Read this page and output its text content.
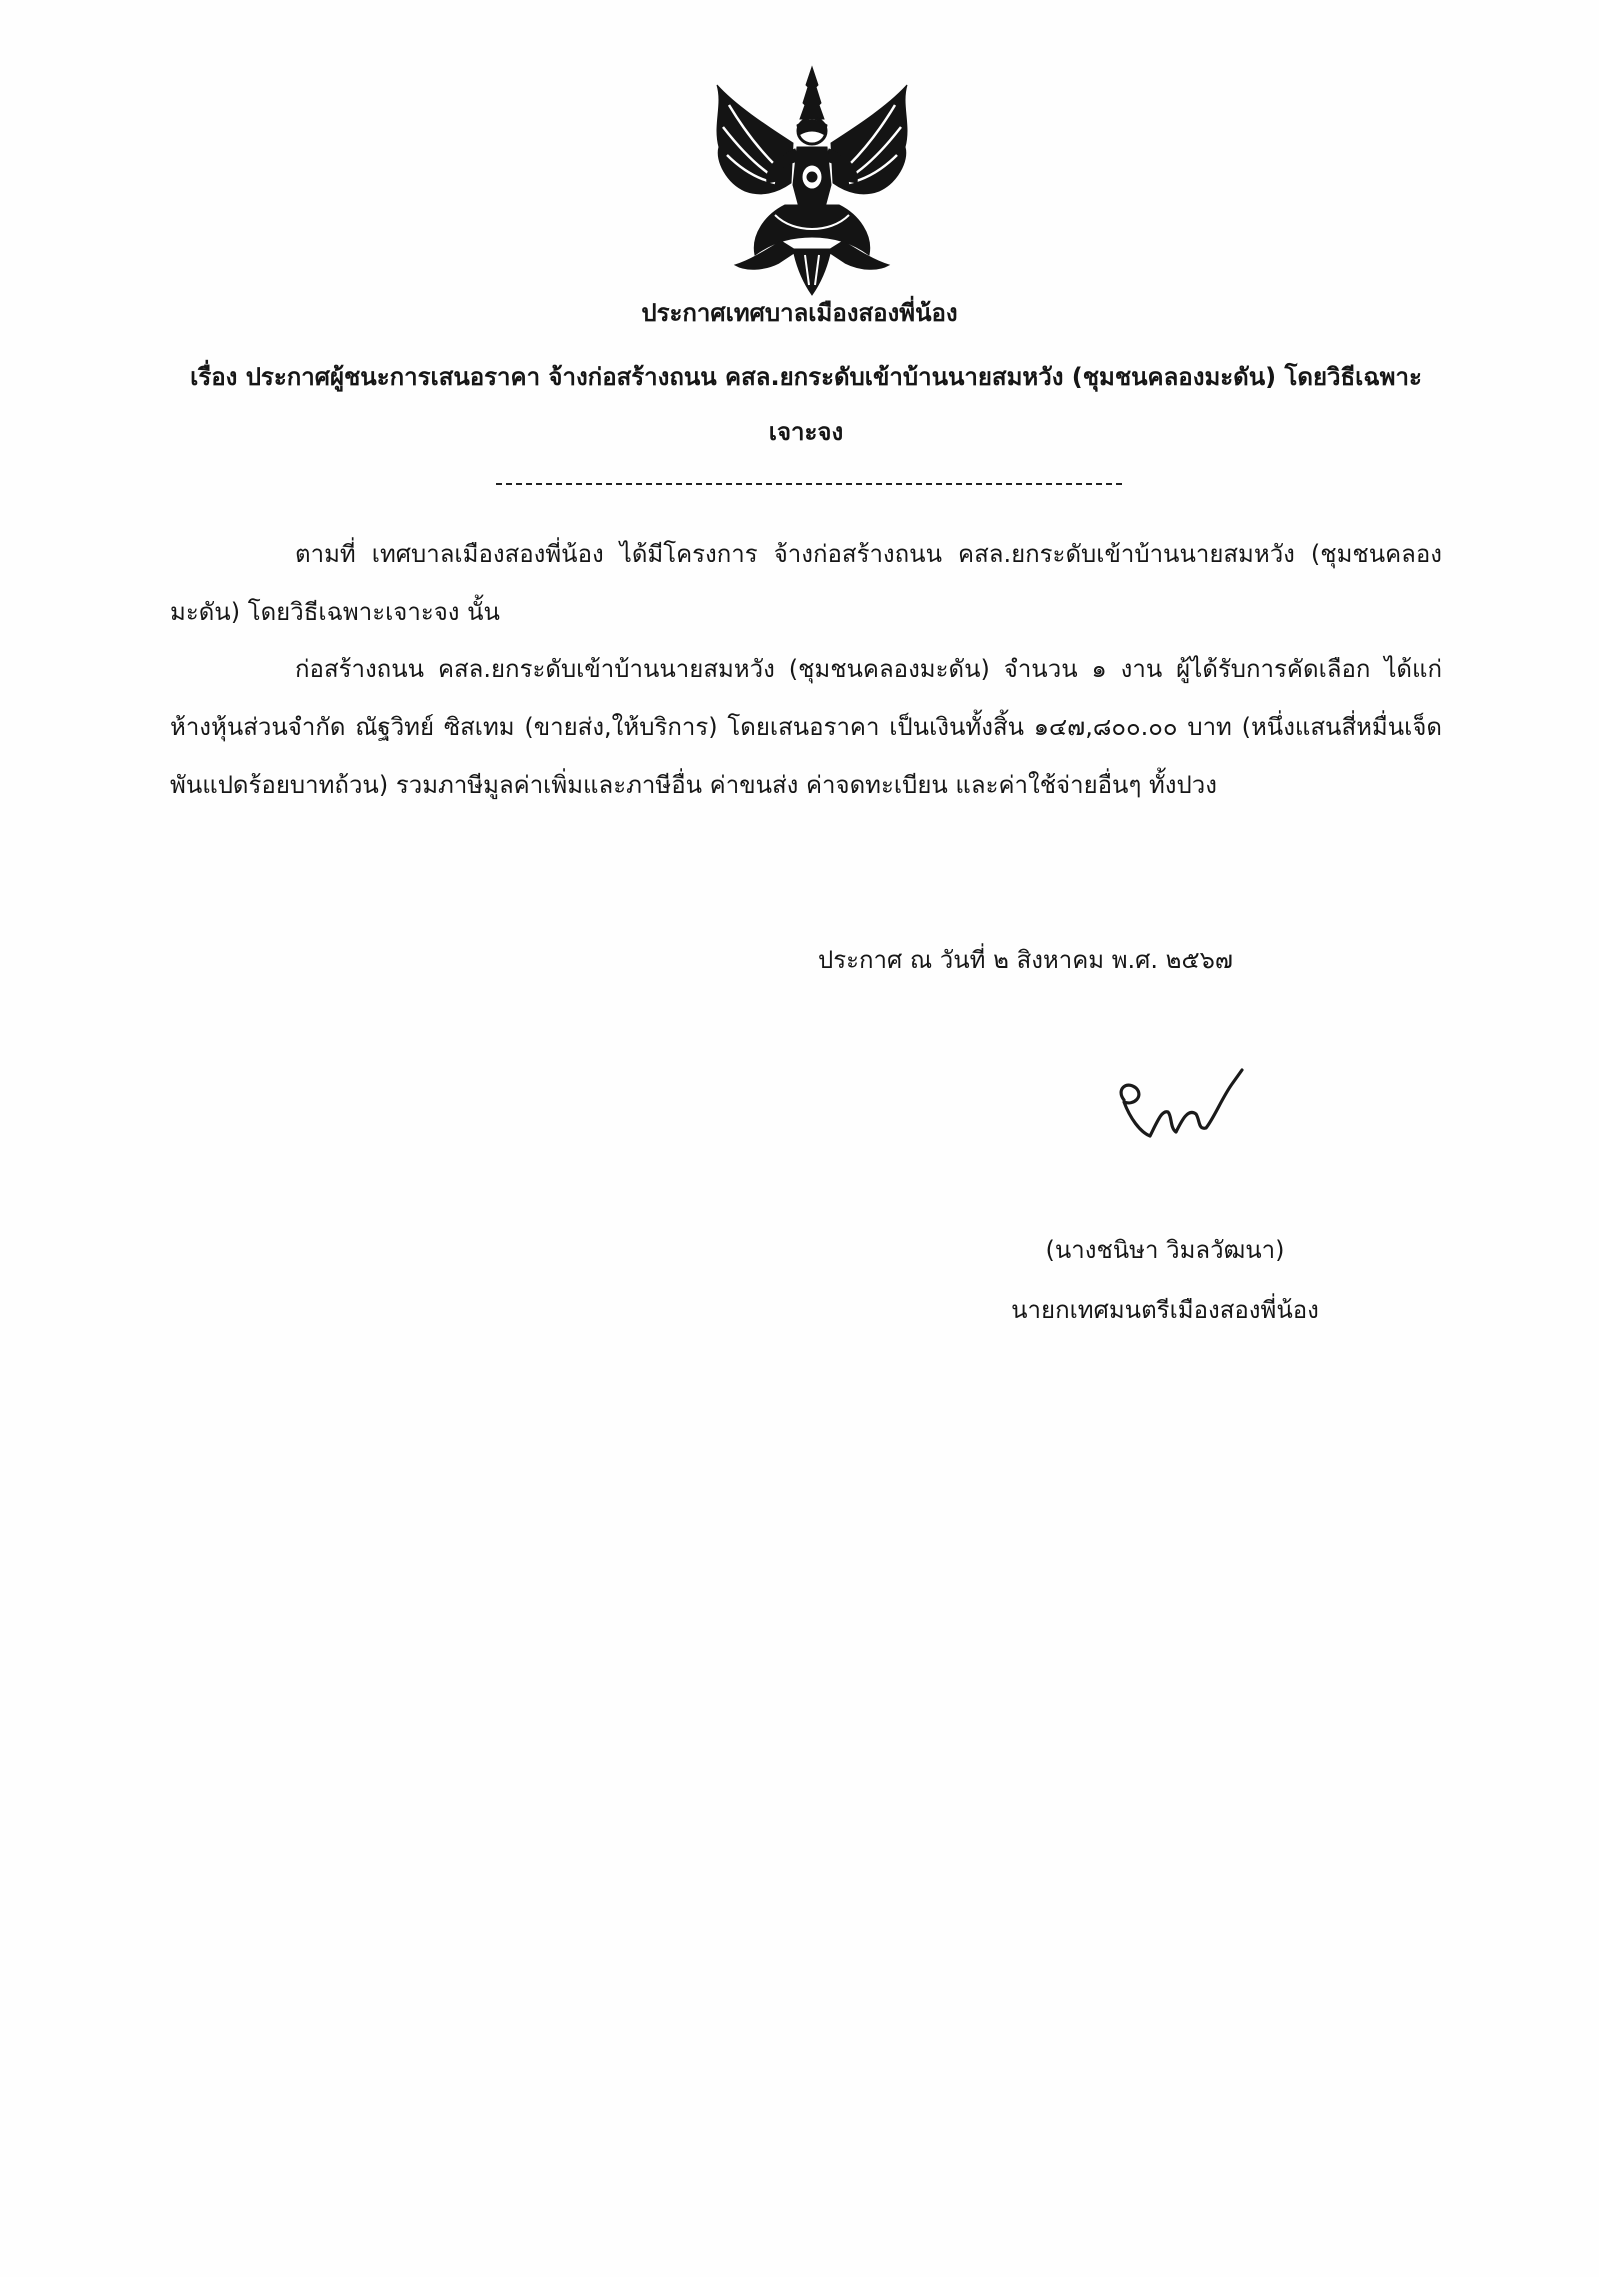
ประกาศเทศบาลเมืองสองพี่น้อง
เรื่อง ประกาศผู้ชนะการเสนอราคา จ้างก่อสร้างถนน คสล.ยกระดับเข้าบ้านนายสมหวัง (ชุมชนคลองมะดัน) โดยวิธีเฉพาะเจาะจง
ตามที่ เทศบาลเมืองสองพี่น้อง ได้มีโครงการ จ้างก่อสร้างถนน คสล.ยกระดับเข้าบ้านนายสมหวัง (ชุมชนคลองมะดัน) โดยวิธีเฉพาะเจาะจง นั้น
ก่อสร้างถนน คสล.ยกระดับเข้าบ้านนายสมหวัง (ชุมชนคลองมะดัน) จำนวน ๑ งาน ผู้ได้รับการคัดเลือก ได้แก่ ห้างหุ้นส่วนจำกัด ณัฐวิทย์ ซิสเทม (ขายส่ง,ให้บริการ) โดยเสนอราคา เป็นเงินทั้งสิ้น ๑๔๗,๘๐๐.๐๐ บาท (หนึ่งแสนสี่หมื่นเจ็ดพันแปดร้อยบาทถ้วน) รวมภาษีมูลค่าเพิ่มและภาษีอื่น ค่าขนส่ง ค่าจดทะเบียน และค่าใช้จ่ายอื่นๆ ทั้งปวง
ประกาศ ณ วันที่ ๒ สิงหาคม พ.ศ. ๒๕๖๗
(นางชนิษา วิมลวัฒนา)
นายกเทศมนตรีเมืองสองพี่น้อง
